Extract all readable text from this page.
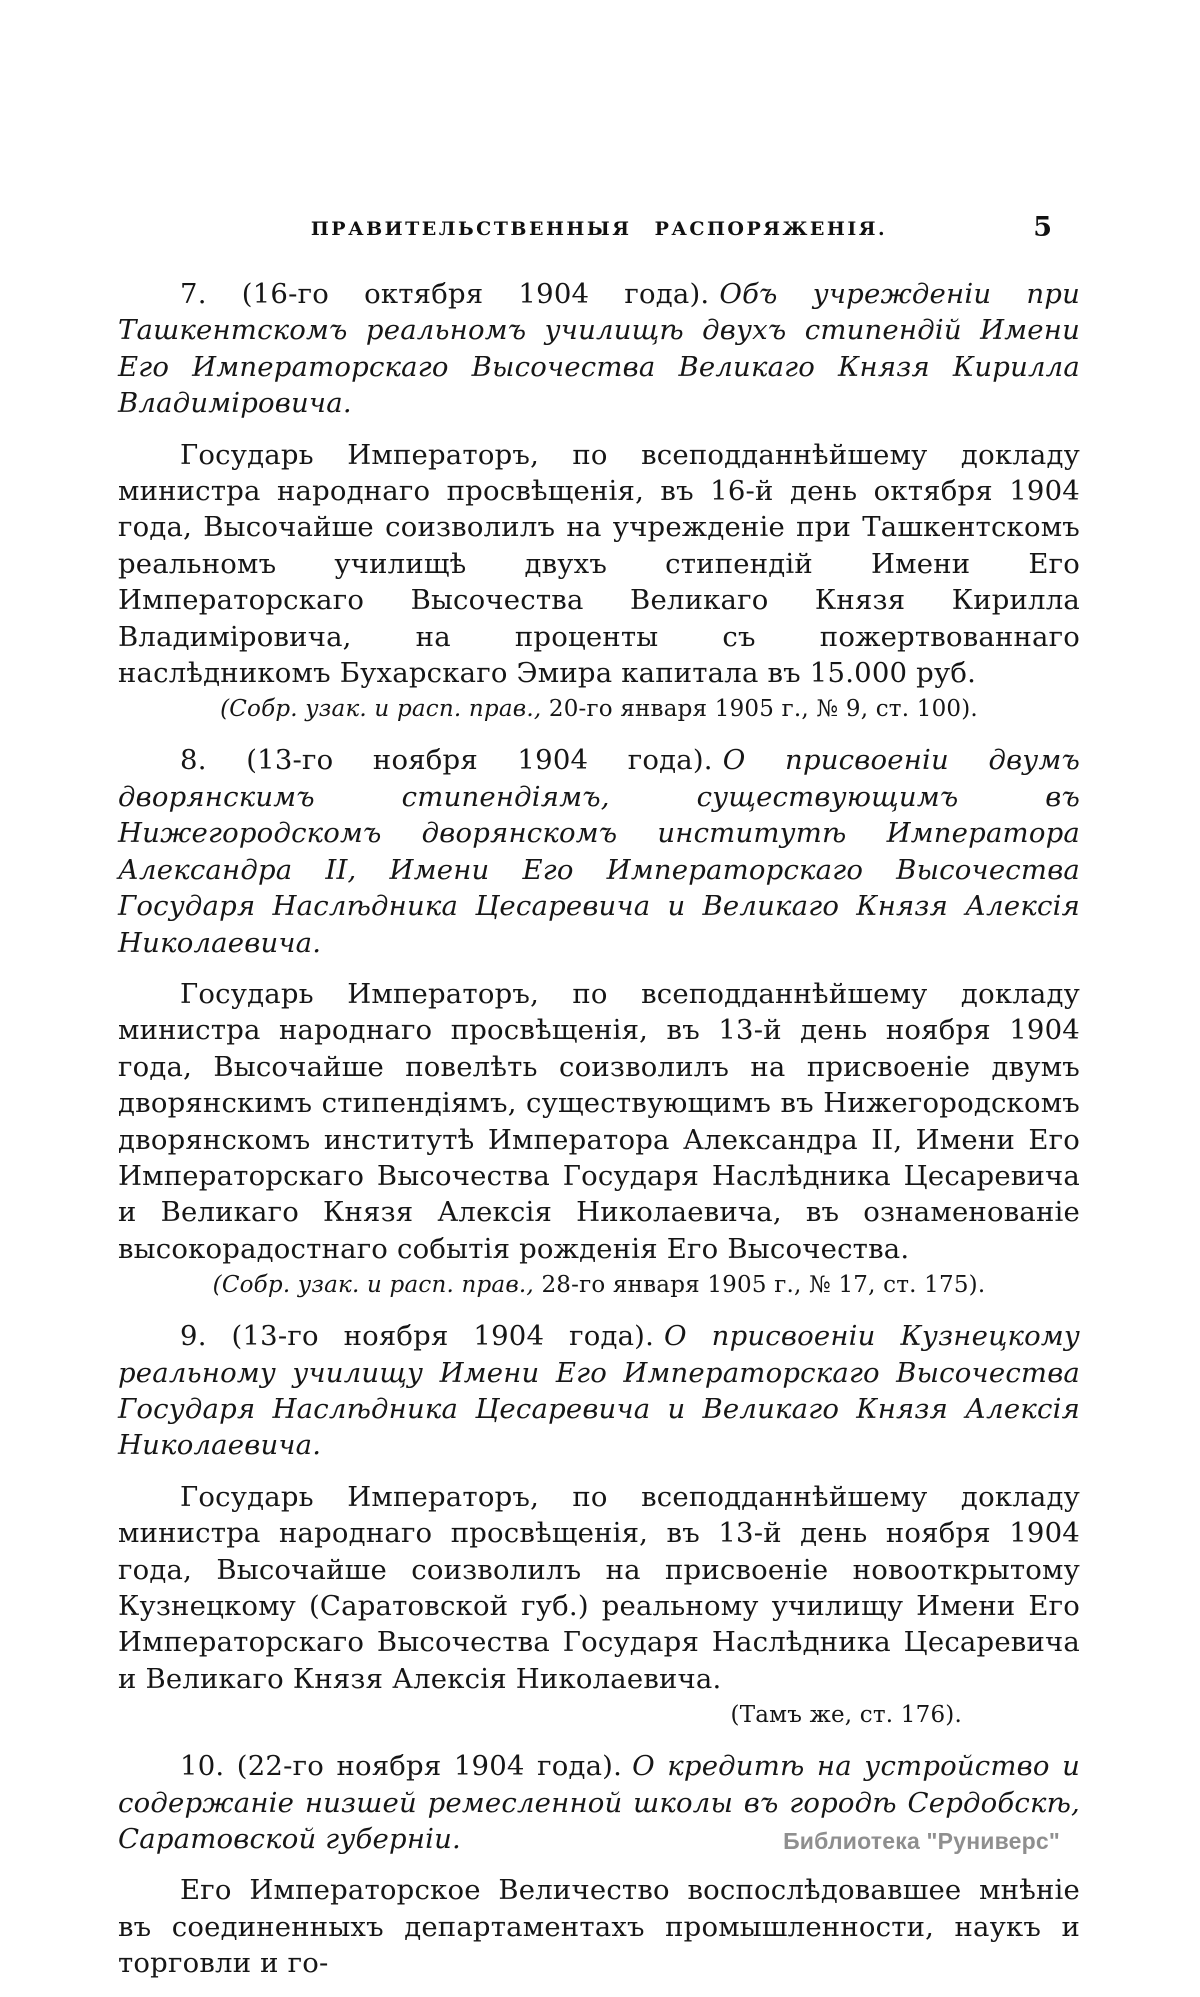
ПРАВИТЕЛЬСТВЕННЫЯ РАСПОРЯЖЕНІЯ.	5

7. (16-го октября 1904 года). Объ учрежденіи при Ташкентскомъ реальномъ училищѣ двухъ стипендій Имени Его Императорскаго Высочества Великаго Князя Кирилла Владиміровича.

Государь Императоръ, по всеподданнѣйшему докладу министра народнаго просвѣщенія, въ 16-й день октября 1904 года, Высочайше соизволилъ на учрежденіе при Ташкентскомъ реальномъ училищѣ двухъ стипендій Имени Его Императорскаго Высочества Великаго Князя Кирилла Владиміровича, на проценты съ пожертвованнаго наслѣдникомъ Бухарскаго Эмира капитала въ 15.000 руб.

(Собр. узак. и расп. прав., 20-го января 1905 г., № 9, ст. 100).

8. (13-го ноября 1904 года). О присвоеніи двумъ дворянскимъ стипендіямъ, существующимъ въ Нижегородскомъ дворянскомъ институтѣ Императора Александра II, Имени Его Императорскаго Высочества Государя Наслѣдника Цесаревича и Великаго Князя Алексія Николаевича.

Государь Императоръ, по всеподданнѣйшему докладу министра народнаго просвѣщенія, въ 13-й день ноября 1904 года, Высочайше повелѣть соизволилъ на присвоеніе двумъ дворянскимъ стипендіямъ, существующимъ въ Нижегородскомъ дворянскомъ институтѣ Императора Александра II, Имени Его Императорскаго Высочества Государя Наслѣдника Цесаревича и Великаго Князя Алексія Николаевича, въ ознаменованіе высокорадостнаго событія рожденія Его Высочества.

(Собр. узак. и расп. прав., 28-го января 1905 г., № 17, ст. 175).

9. (13-го ноября 1904 года). О присвоеніи Кузнецкому реальному училищу Имени Его Императорскаго Высочества Государя Наслѣдника Цесаревича и Великаго Князя Алексія Николаевича.

Государь Императоръ, по всеподданнѣйшему докладу министра народнаго просвѣщенія, въ 13-й день ноября 1904 года, Высочайше соизволилъ на присвоеніе новооткрытому Кузнецкому (Саратовской губ.) реальному училищу Имени Его Императорскаго Высочества Государя Наслѣдника Цесаревича и Великаго Князя Алексія Николаевича.

(Тамъ же, ст. 176).

10. (22-го ноября 1904 года). О кредитѣ на устройство и содержаніе низшей ремесленной школы въ городѣ Сердобскѣ, Саратовской губерніи.

Его Императорское Величество воспослѣдовавшее мнѣніе въ соединенныхъ департаментахъ промышленности, наукъ и торговли и го-

Библиотека "Руниверс"
